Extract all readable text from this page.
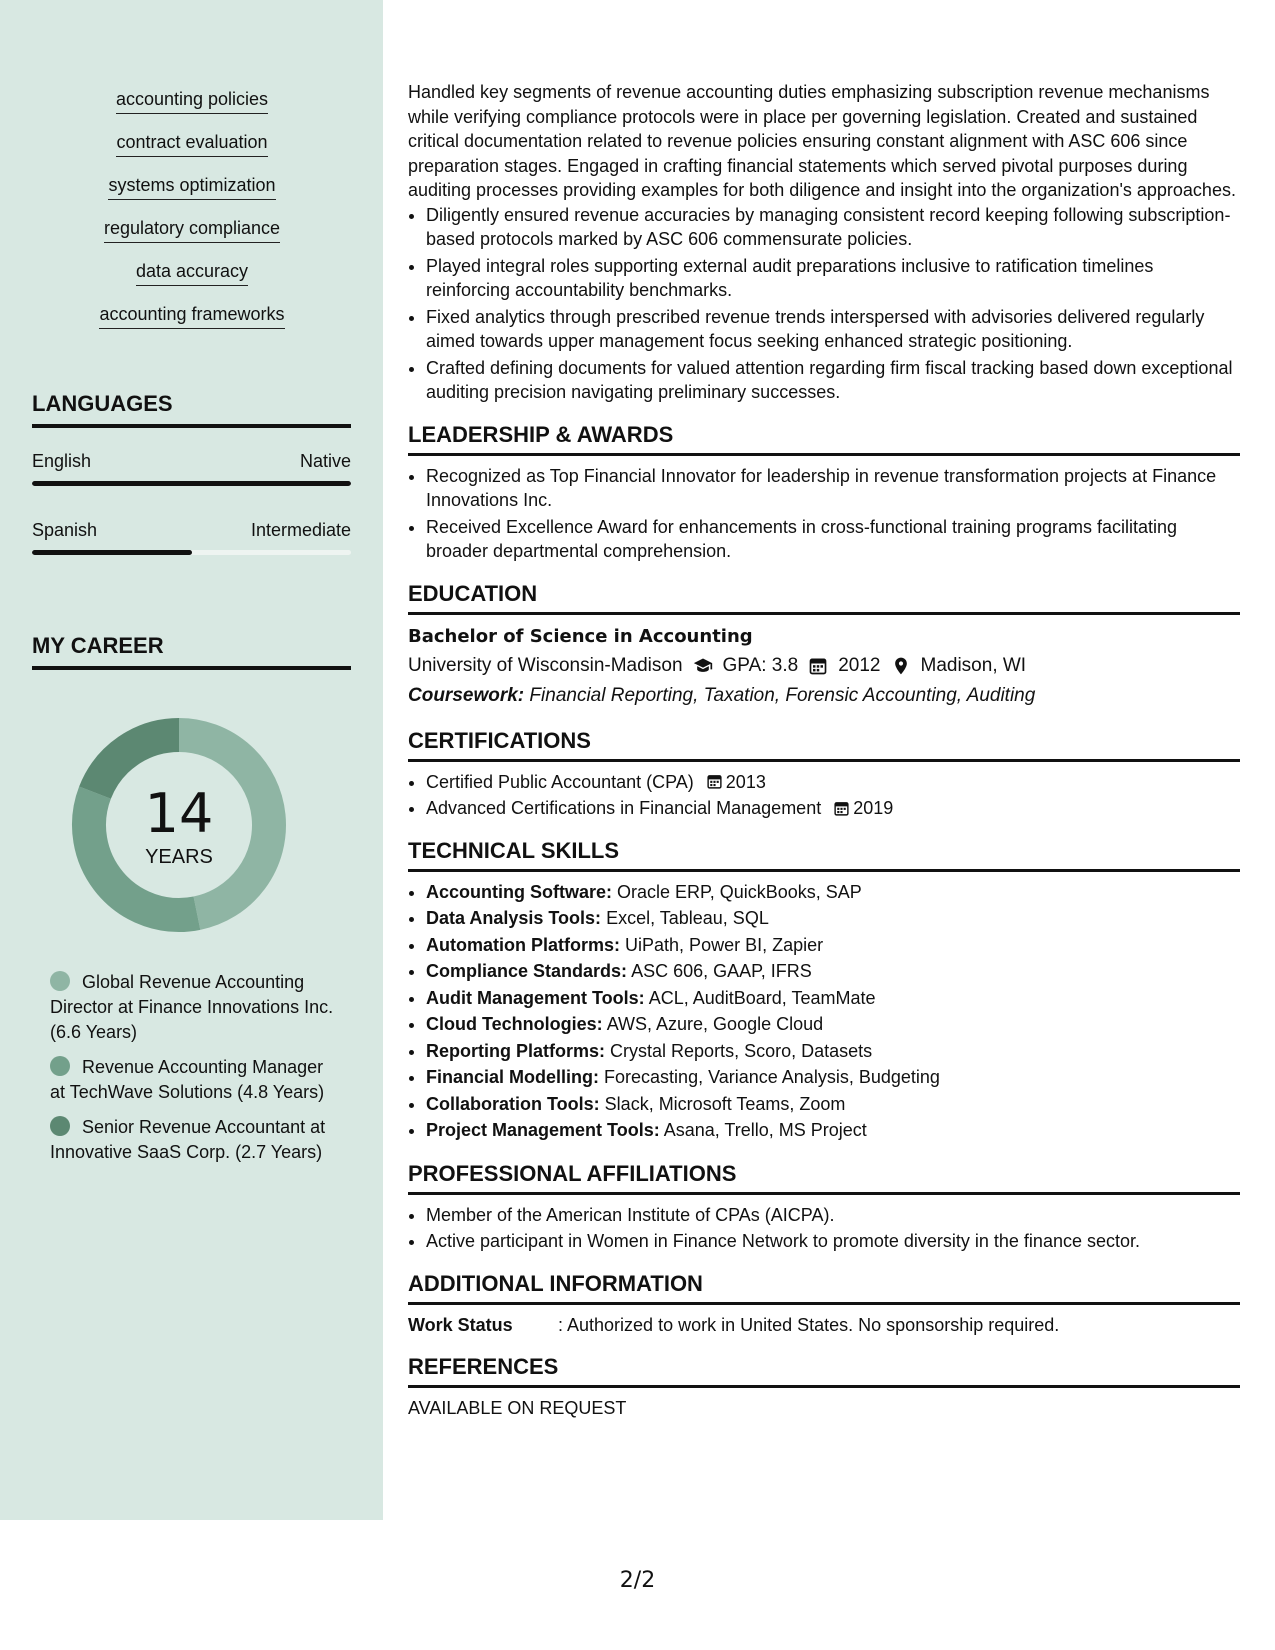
accounting policies
contract evaluation
systems optimization
regulatory compliance
data accuracy
accounting frameworks
LANGUAGES
English	Native
Spanish	Intermediate
MY CAREER
14
YEARS
Global Revenue Accounting Director at Finance Innovations Inc. (6.6 Years)
Revenue Accounting Manager at TechWave Solutions (4.8 Years)
Senior Revenue Accountant at Innovative SaaS Corp. (2.7 Years)

Handled key segments of revenue accounting duties emphasizing subscription revenue mechanisms while verifying compliance protocols were in place per governing legislation. Created and sustained critical documentation related to revenue policies ensuring constant alignment with ASC 606 since preparation stages. Engaged in crafting financial statements which served pivotal purposes during auditing processes providing examples for both diligence and insight into the organization's approaches.

• Diligently ensured revenue accuracies by managing consistent record keeping following subscription-based protocols marked by ASC 606 commensurate policies.
• Played integral roles supporting external audit preparations inclusive to ratification timelines reinforcing accountability benchmarks.
• Fixed analytics through prescribed revenue trends interspersed with advisories delivered regularly aimed towards upper management focus seeking enhanced strategic positioning.
• Crafted defining documents for valued attention regarding firm fiscal tracking based down exceptional auditing precision navigating preliminary successes.
LEADERSHIP & AWARDS
• Recognized as Top Financial Innovator for leadership in revenue transformation projects at Finance Innovations Inc.
• Received Excellence Award for enhancements in cross-functional training programs facilitating broader departmental comprehension.
EDUCATION
Bachelor of Science in Accounting
University of Wisconsin-Madison GPA: 3.8 2012 Madison, WI
Coursework: Financial Reporting, Taxation, Forensic Accounting, Auditing
CERTIFICATIONS
• Certified Public Accountant (CPA) 2013
• Advanced Certifications in Financial Management 2019
TECHNICAL SKILLS
• Accounting Software: Oracle ERP, QuickBooks, SAP
• Data Analysis Tools: Excel, Tableau, SQL
• Automation Platforms: UiPath, Power BI, Zapier
• Compliance Standards: ASC 606, GAAP, IFRS
• Audit Management Tools: ACL, AuditBoard, TeamMate
• Cloud Technologies: AWS, Azure, Google Cloud
• Reporting Platforms: Crystal Reports, Scoro, Datasets
• Financial Modelling: Forecasting, Variance Analysis, Budgeting
• Collaboration Tools: Slack, Microsoft Teams, Zoom
• Project Management Tools: Asana, Trello, MS Project
PROFESSIONAL AFFILIATIONS
• Member of the American Institute of CPAs (AICPA).
• Active participant in Women in Finance Network to promote diversity in the finance sector.
ADDITIONAL INFORMATION
Work Status	: Authorized to work in United States. No sponsorship required.
REFERENCES
AVAILABLE ON REQUEST
2/2
